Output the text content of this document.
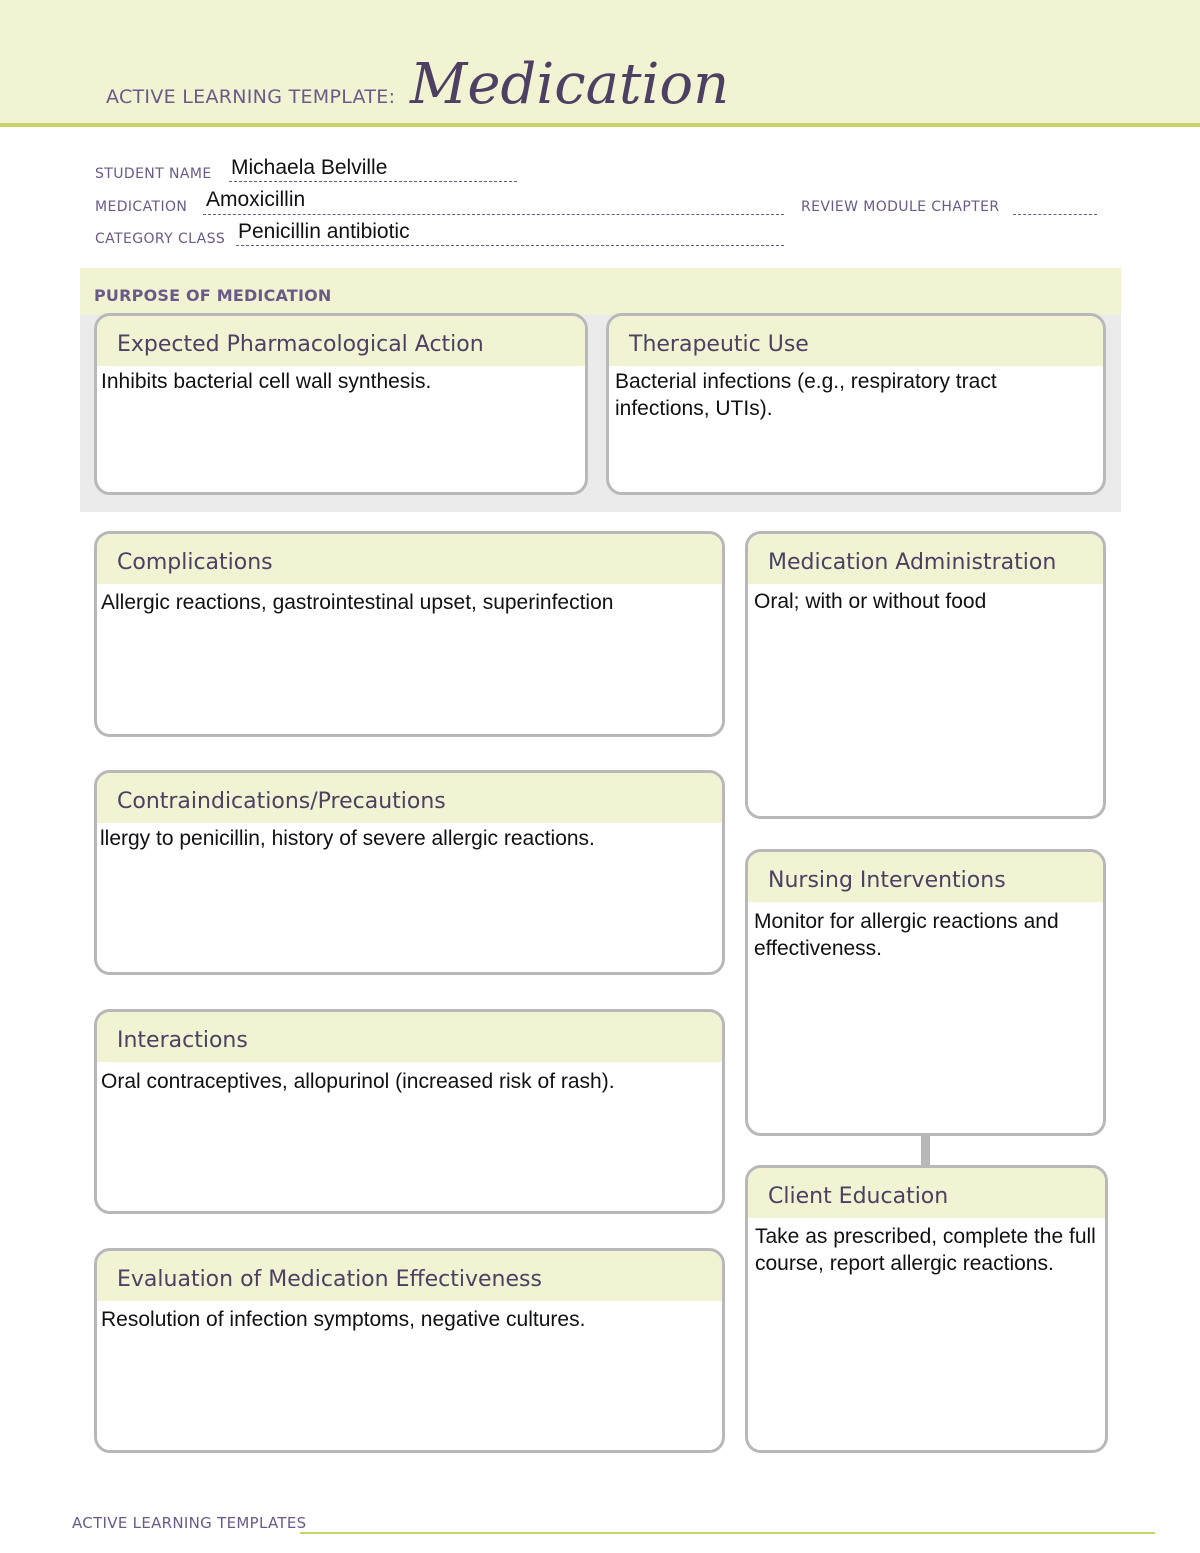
ACTIVE LEARNING TEMPLATE: Medication
STUDENT NAME Michaela Belville
MEDICATION Amoxicillin	REVIEW MODULE CHAPTER
CATEGORY CLASS Penicillin antibiotic
PURPOSE OF MEDICATION
Expected Pharmacological Action
Inhibits bacterial cell wall synthesis.
Therapeutic Use
Bacterial infections (e.g., respiratory tract infections, UTIs).
Complications
Allergic reactions, gastrointestinal upset, superinfection
Contraindications/Precautions
llergy to penicillin, history of severe allergic reactions.
Interactions
Oral contraceptives, allopurinol (increased risk of rash).
Evaluation of Medication Effectiveness
Resolution of infection symptoms, negative cultures.
Medication Administration
Oral; with or without food
Nursing Interventions
Monitor for allergic reactions and effectiveness.
Client Education
Take as prescribed, complete the full course, report allergic reactions.
ACTIVE LEARNING TEMPLATES
